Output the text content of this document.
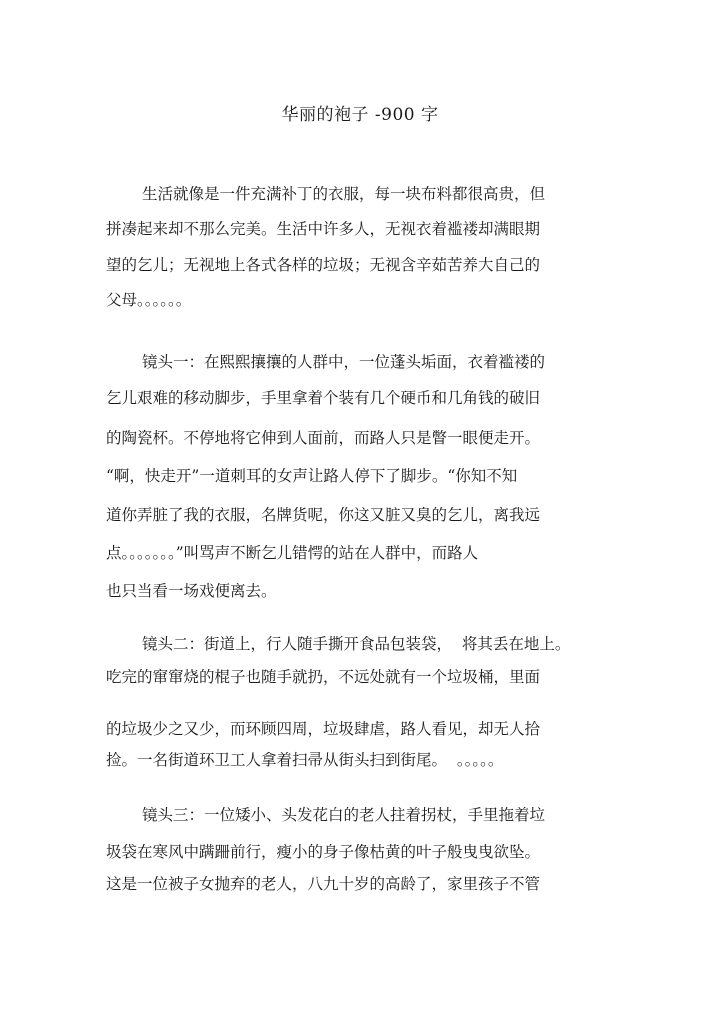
华丽的袍子 -900 字
生活就像是一件充满补丁的衣服，每一块布料都很高贵，但
拼凑起来却不那么完美。生活中许多人，无视衣着褴褛却满眼期
望的乞儿；无视地上各式各样的垃圾；无视含辛茹苦养大自己的
父母。。。。。。
镜头一：在熙熙攘攘的人群中，一位蓬头垢面，衣着褴褛的
乞儿艰难的移动脚步，手里拿着个装有几个硬币和几角钱的破旧
的陶瓷杯。不停地将它伸到人面前，而路人只是瞥一眼便走开。
“啊，快走开”一道刺耳的女声让路人停下了脚步。“你知不知
道你弄脏了我的衣服，名牌货呢，你这又脏又臭的乞儿，离我远
点。。。。。。。”叫骂声不断乞儿错愕的站在人群中，而路人
也只当看一场戏便离去。
镜头二：街道上，行人随手撕开食品包装袋，  将其丢在地上。
吃完的窜窜烧的棍子也随手就扔，不远处就有一个垃圾桶，里面
的垃圾少之又少，而环顾四周，垃圾肆虐，路人看见，却无人拾
捡。一名街道环卫工人拿着扫帚从街头扫到街尾。  。。。。。
镜头三：一位矮小、头发花白的老人拄着拐杖，手里拖着垃
圾袋在寒风中蹒跚前行，瘦小的身子像枯黄的叶子般曳曳欲坠。
这是一位被子女抛弃的老人，八九十岁的高龄了，家里孩子不管
